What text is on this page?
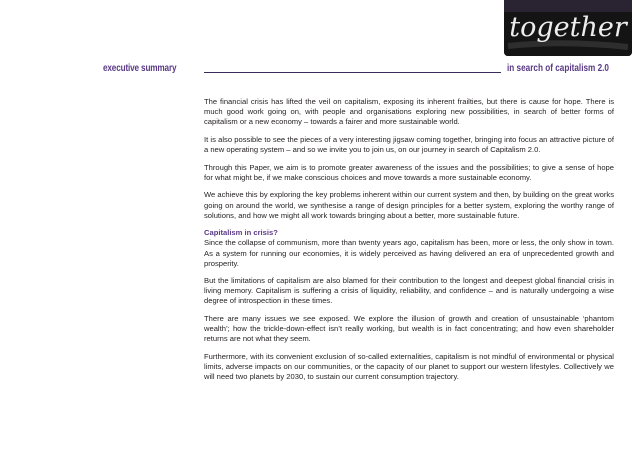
together
executive summary	in search of capitalism 2.0

The financial crisis has lifted the veil on capitalism, exposing its inherent frailties, but there is cause for hope. There is much good work going on, with people and organisations exploring new possibilities, in search of better forms of capitalism or a new economy – towards a fairer and more sustainable world.

It is also possible to see the pieces of a very interesting jigsaw coming together, bringing into focus an attractive picture of a new operating system – and so we invite you to join us, on our journey in search of Capitalism 2.0.

Through this Paper, we aim is to promote greater awareness of the issues and the possibilities; to give a sense of hope for what might be, if we make conscious choices and move towards a more sustainable economy.

We achieve this by exploring the key problems inherent within our current system and then, by building on the great works going on around the world, we synthesise a range of design principles for a better system, exploring the worthy range of solutions, and how we might all work towards bringing about a better, more sustainable future.

Capitalism in crisis?

Since the collapse of communism, more than twenty years ago, capitalism has been, more or less, the only show in town. As a system for running our economies, it is widely perceived as having delivered an era of unprecedented growth and prosperity.

But the limitations of capitalism are also blamed for their contribution to the longest and deepest global financial crisis in living memory. Capitalism is suffering a crisis of liquidity, reliability, and confidence – and is naturally undergoing a wise degree of introspection in these times.

There are many issues we see exposed. We explore the illusion of growth and creation of unsustainable ‘phantom wealth’; how the trickle-down-effect isn’t really working, but wealth is in fact concentrating; and how even shareholder returns are not what they seem.

Furthermore, with its convenient exclusion of so-called externalities, capitalism is not mindful of environmental or physical limits, adverse impacts on our communities, or the capacity of our planet to support our western lifestyles. Collectively we will need two planets by 2030, to sustain our current consumption trajectory.
